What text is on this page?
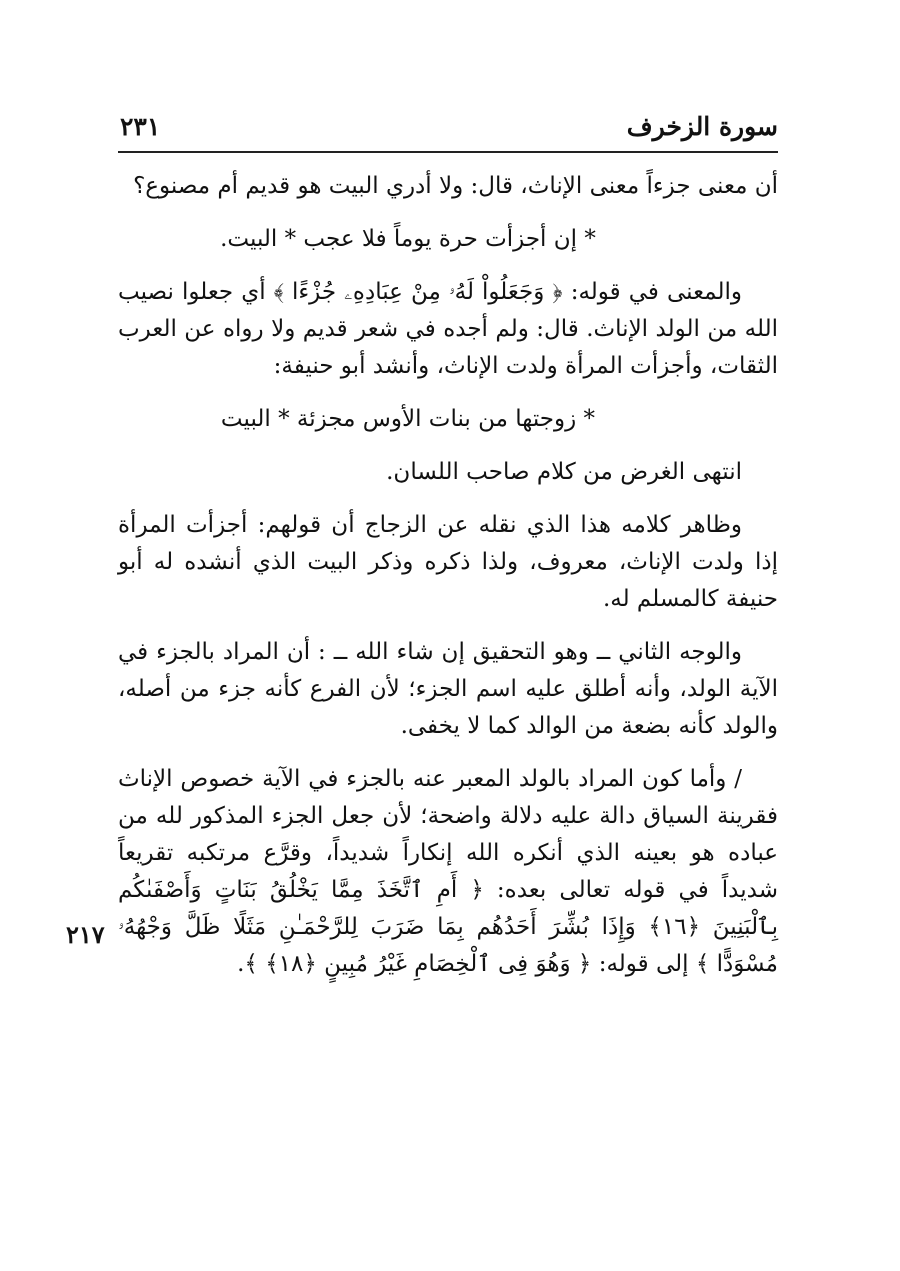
سورة الزخرف
٢٣١

أن معنى جزءاً معنى الإناث، قال: ولا أدري البيت هو قديم أم مصنوع؟

* إن أجزأت حرة يوماً فلا عجب * البيت.

والمعنى في قوله: ﴿ وَجَعَلُواْ لَهُۥ مِنْ عِبَادِهِۦ جُزْءًا ﴾ أي جعلوا نصيب الله من الولد الإناث. قال: ولم أجده في شعر قديم ولا رواه عن العرب الثقات، وأجزأت المرأة ولدت الإناث، وأنشد أبو حنيفة:

* زوجتها من بنات الأوس مجزئة * البيت

انتهى الغرض من كلام صاحب اللسان.

وظاهر كلامه هذا الذي نقله عن الزجاج أن قولهم: أجزأت المرأة إذا ولدت الإناث، معروف، ولذا ذكره وذكر البيت الذي أنشده له أبو حنيفة كالمسلم له.

والوجه الثاني ــ وهو التحقيق إن شاء الله ــ : أن المراد بالجزء في الآية الولد، وأنه أطلق عليه اسم الجزء؛ لأن الفرع كأنه جزء من أصله، والولد كأنه بضعة من الوالد كما لا يخفى.

/ وأما كون المراد بالولد المعبر عنه بالجزء في الآية خصوص الإناث فقرينة السياق دالة عليه دلالة واضحة؛ لأن جعل الجزء المذكور لله من عباده هو بعينه الذي أنكره الله إنكاراً شديداً، وقرَّع مرتكبه تقريعاً شديداً في قوله تعالى بعده: ﴿ أَمِ ٱتَّخَذَ مِمَّا يَخْلُقُ بَنَاتٍ وَأَصْفَىٰكُم بِٱلْبَنِينَ ﴿١٦﴾ وَإِذَا بُشِّرَ أَحَدُهُم بِمَا ضَرَبَ لِلرَّحْمَـٰنِ مَثَلًا ظَلَّ وَجْهُهُۥ مُسْوَدًّا ﴾ إلى قوله: ﴿ وَهُوَ فِى ٱلْخِصَامِ غَيْرُ مُبِينٍ ﴿١٨﴾ ﴾.

٢١٧
